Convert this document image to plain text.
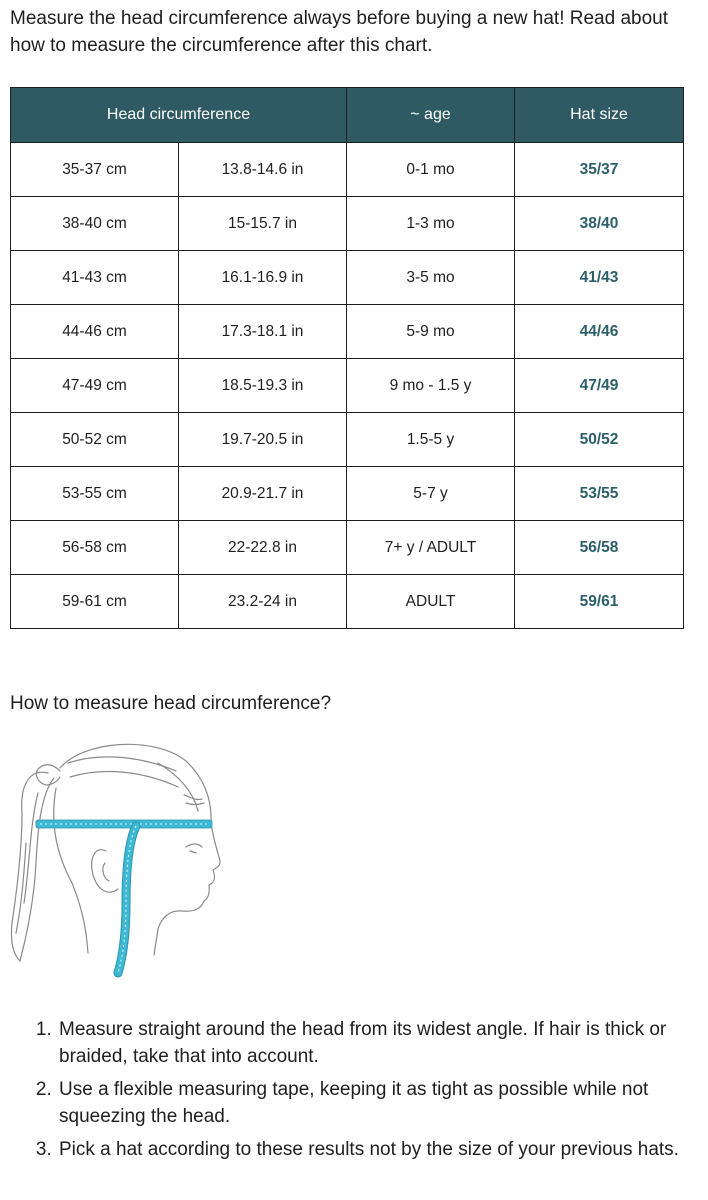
Measure the head circumference always before buying a new hat! Read about how to measure the circumference after this chart.

Head circumference		~ age	Hat size
35-37 cm	13.8-14.6 in	0-1 mo	35/37
38-40 cm	15-15.7 in	1-3 mo	38/40
41-43 cm	16.1-16.9 in	3-5 mo	41/43
44-46 cm	17.3-18.1 in	5-9 mo	44/46
47-49 cm	18.5-19.3 in	9 mo - 1.5 y	47/49
50-52 cm	19.7-20.5 in	1.5-5 y	50/52
53-55 cm	20.9-21.7 in	5-7 y	53/55
56-58 cm	22-22.8 in	7+ y / ADULT	56/58
59-61 cm	23.2-24 in	ADULT	59/61
How to measure head circumference?
1. Measure straight around the head from its widest angle. If hair is thick or braided, take that into account.
2. Use a flexible measuring tape, keeping it as tight as possible while not squeezing the head.
3. Pick a hat according to these results not by the size of your previous hats.
